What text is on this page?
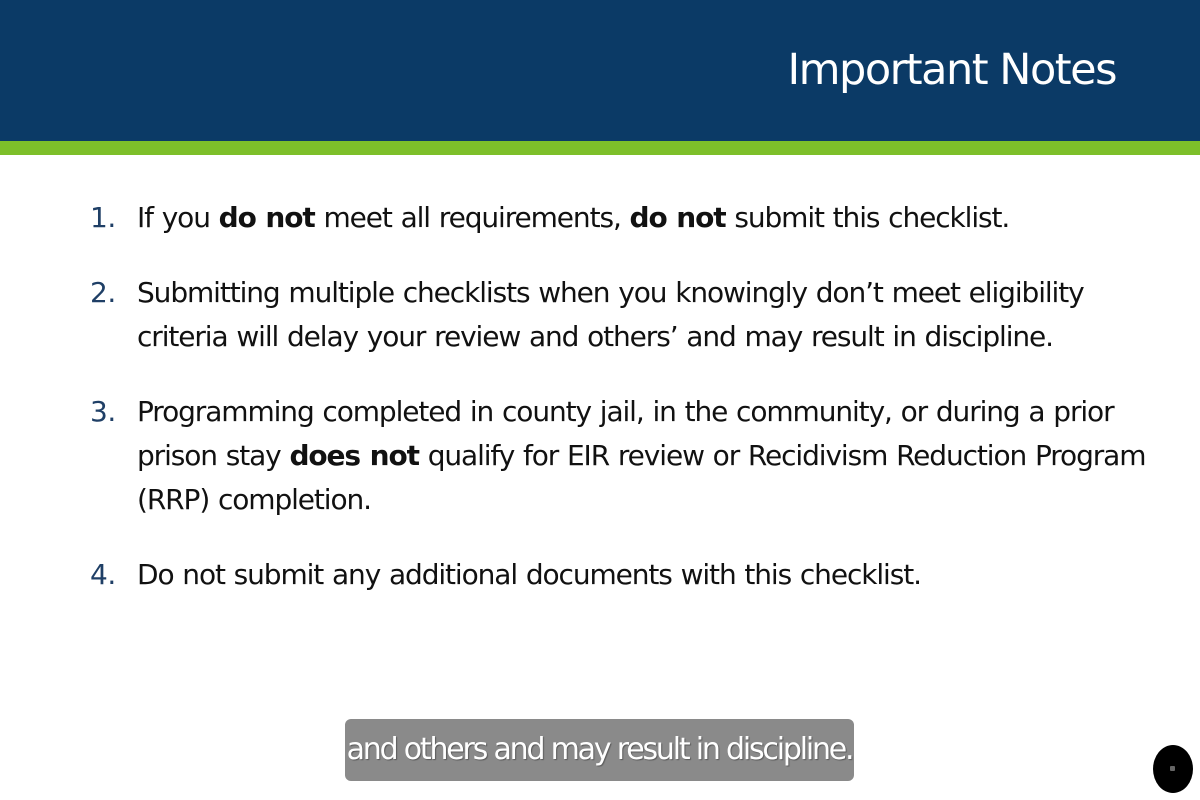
Important Notes
1. If you do not meet all requirements, do not submit this checklist.
2. Submitting multiple checklists when you knowingly don’t meet eligibility criteria will delay your review and others’ and may result in discipline.
3. Programming completed in county jail, in the community, or during a prior prison stay does not qualify for EIR review or Recidivism Reduction Program (RRP) completion.
4. Do not submit any additional documents with this checklist.
and others and may result in discipline.
